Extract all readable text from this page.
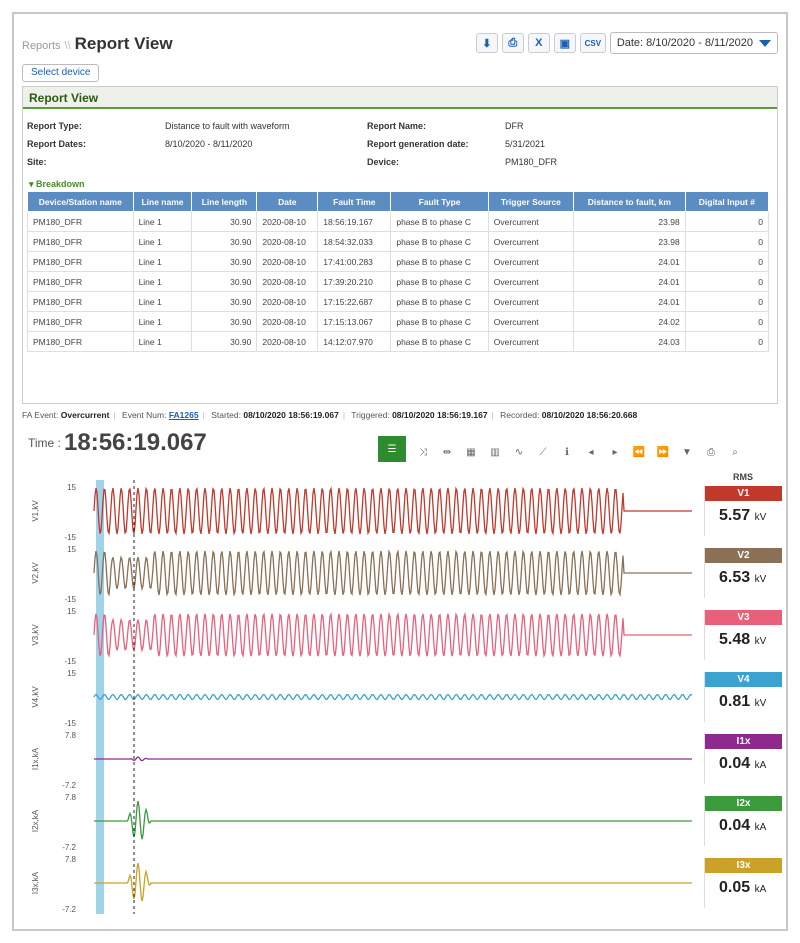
Reports \\ Report View	⬇	⎙	X	▣	CSV	Date: 8/10/2020 - 8/11/2020
Select device
Report View
Report Type:	Distance to fault with waveform
Report Dates:	8/10/2020 - 8/11/2020
Site:
Report Name:	DFR
Report generation date:	5/31/2021
Device:	PM180_DFR
▾ Breakdown
Device/Station name	Line name	Line length	Date	Fault Time	Fault Type	Trigger Source	Distance to fault, km	Digital Input #
PM180_DFR	Line 1	30.90	2020-08-10	18:56:19.167	phase B to phase C	Overcurrent	23.98	0
PM180_DFR	Line 1	30.90	2020-08-10	18:54:32.033	phase B to phase C	Overcurrent	23.98	0
PM180_DFR	Line 1	30.90	2020-08-10	17:41:00.283	phase B to phase C	Overcurrent	24.01	0
PM180_DFR	Line 1	30.90	2020-08-10	17:39:20.210	phase B to phase C	Overcurrent	24.01	0
PM180_DFR	Line 1	30.90	2020-08-10	17:15:22.687	phase B to phase C	Overcurrent	24.01	0
PM180_DFR	Line 1	30.90	2020-08-10	17:15:13.067	phase B to phase C	Overcurrent	24.02	0
PM180_DFR	Line 1	30.90	2020-08-10	14:12:07.970	phase B to phase C	Overcurrent	24.03	0
FA Event: Overcurrent | Event Num: FA1265 | Started: 08/10/2020 18:56:19.067 | Triggered: 08/10/2020 18:56:19.167 | Recorded: 08/10/2020 18:56:20.668
Time : 18:56:19.067	☰	⤨	⇹ ▦ ▥ ∿	⟋	ℹ	◂	▸	⏪ ⏩ ▼	⎙	⌕
V1,kV
15
-15
V2,kV
15
-15
V3,kV
15
-15
V4,kV
15
-15
I1x,kA
7.8
-7.2
I2x,kA
7.8
-7.2
I3x,kA
7.8
-7.2
RMS
V1
5.57 kV
V2
6.53 kV
V3
5.48 kV
V4
0.81 kV
I1x
0.04 kA
I2x
0.04 kA
I3x
0.05 kA
